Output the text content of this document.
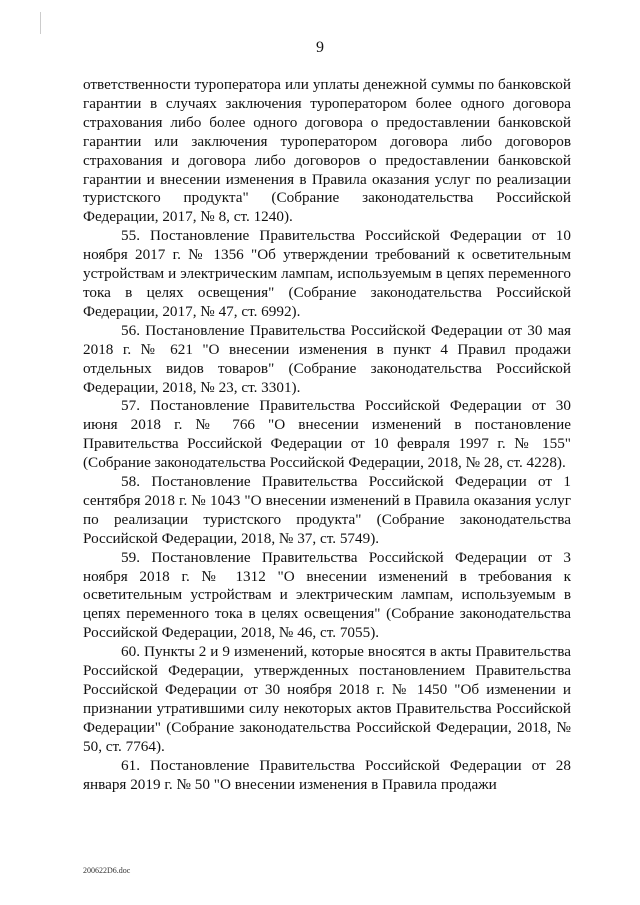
9

ответственности туроператора или уплаты денежной суммы по банковской гарантии в случаях заключения туроператором более одного договора страхования либо более одного договора о предоставлении банковской гарантии или заключения туроператором договора либо договоров страхования и договора либо договоров о предоставлении банковской гарантии и внесении изменения в Правила оказания услуг по реализации туристского продукта" (Собрание законодательства Российской Федерации, 2017, № 8, ст. 1240).

55. Постановление Правительства Российской Федерации от 10 ноября 2017 г. № 1356 "Об утверждении требований к осветительным устройствам и электрическим лампам, используемым в цепях переменного тока в целях освещения" (Собрание законодательства Российской Федерации, 2017, № 47, ст. 6992).

56. Постановление Правительства Российской Федерации от 30 мая 2018 г. № 621 "О внесении изменения в пункт 4 Правил продажи отдельных видов товаров" (Собрание законодательства Российской Федерации, 2018, № 23, ст. 3301).

57. Постановление Правительства Российской Федерации от 30 июня 2018 г. № 766 "О внесении изменений в постановление Правительства Российской Федерации от 10 февраля 1997 г. № 155" (Собрание законодательства Российской Федерации, 2018, № 28, ст. 4228).

58. Постановление Правительства Российской Федерации от 1 сентября 2018 г. № 1043 "О внесении изменений в Правила оказания услуг по реализации туристского продукта" (Собрание законодательства Российской Федерации, 2018, № 37, ст. 5749).

59. Постановление Правительства Российской Федерации от 3 ноября 2018 г. № 1312 "О внесении изменений в требования к осветительным устройствам и электрическим лампам, используемым в цепях переменного тока в целях освещения" (Собрание законодательства Российской Федерации, 2018, № 46, ст. 7055).

60. Пункты 2 и 9 изменений, которые вносятся в акты Правительства Российской Федерации, утвержденных постановлением Правительства Российской Федерации от 30 ноября 2018 г. № 1450 "Об изменении и признании утратившими силу некоторых актов Правительства Российской Федерации" (Собрание законодательства Российской Федерации, 2018, № 50, ст. 7764).

61. Постановление Правительства Российской Федерации от 28 января 2019 г. № 50 "О внесении изменения в Правила продажи

200622D6.doc
